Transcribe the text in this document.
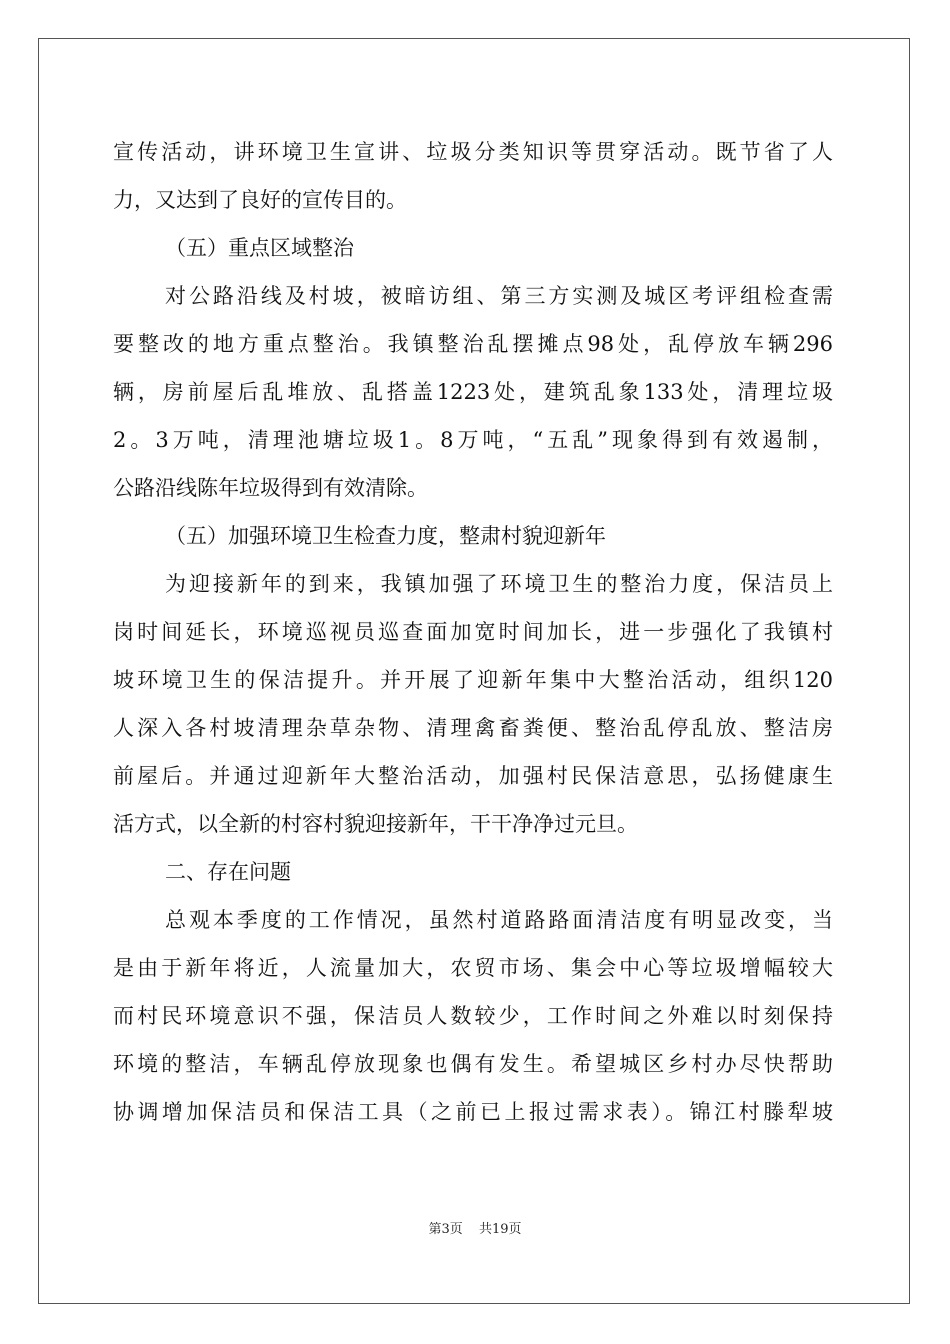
宣传活动，讲环境卫生宣讲、垃圾分类知识等贯穿活动。既节省了人
力，又达到了良好的宣传目的。
（五）重点区域整治
对公路沿线及村坡，被暗访组、第三方实测及城区考评组检查需
要整改的地方重点整治。我镇整治乱摆摊点98处，乱停放车辆296
辆，房前屋后乱堆放、乱搭盖1223处，建筑乱象133处，清理垃圾
2。3万吨，清理池塘垃圾1。8万吨，“五乱”现象得到有效遏制，
公路沿线陈年垃圾得到有效清除。
（五）加强环境卫生检查力度，整肃村貌迎新年
为迎接新年的到来，我镇加强了环境卫生的整治力度，保洁员上
岗时间延长，环境巡视员巡查面加宽时间加长，进一步强化了我镇村
坡环境卫生的保洁提升。并开展了迎新年集中大整治活动，组织120
人深入各村坡清理杂草杂物、清理禽畜粪便、整治乱停乱放、整洁房
前屋后。并通过迎新年大整治活动，加强村民保洁意思，弘扬健康生
活方式，以全新的村容村貌迎接新年，干干净净过元旦。
二、存在问题
总观本季度的工作情况，虽然村道路路面清洁度有明显改变，当
是由于新年将近，人流量加大，农贸市场、集会中心等垃圾增幅较大
而村民环境意识不强，保洁员人数较少，工作时间之外难以时刻保持
环境的整洁，车辆乱停放现象也偶有发生。希望城区乡村办尽快帮助
协调增加保洁员和保洁工具（之前已上报过需求表）。锦江村滕犁坡
第3页 共19页
